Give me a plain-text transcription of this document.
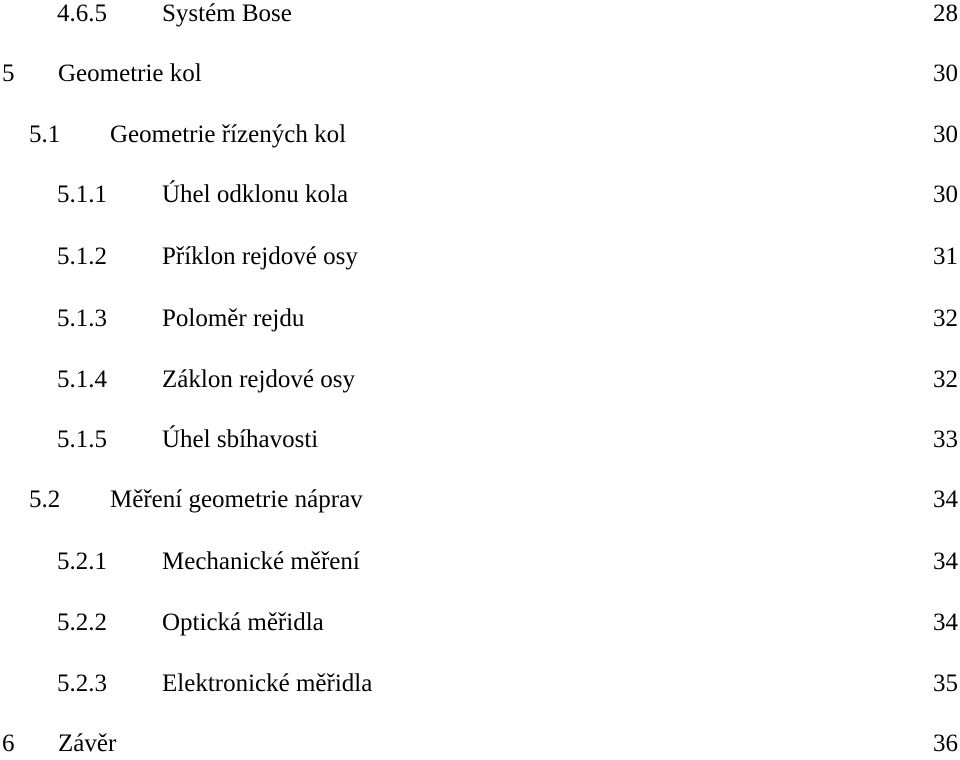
4.6.5 Systém Bose	28
5 Geometrie kol	30
5.1 Geometrie řízených kol	30
5.1.1 Úhel odklonu kola	30
5.1.2 Příklon rejdové osy	31
5.1.3 Poloměr rejdu	32
5.1.4 Záklon rejdové osy	32
5.1.5 Úhel sbíhavosti	33
5.2 Měření geometrie náprav	34
5.2.1 Mechanické měření	34
5.2.2 Optická měřidla	34
5.2.3 Elektronické měřidla	35
6 Závěr	36
